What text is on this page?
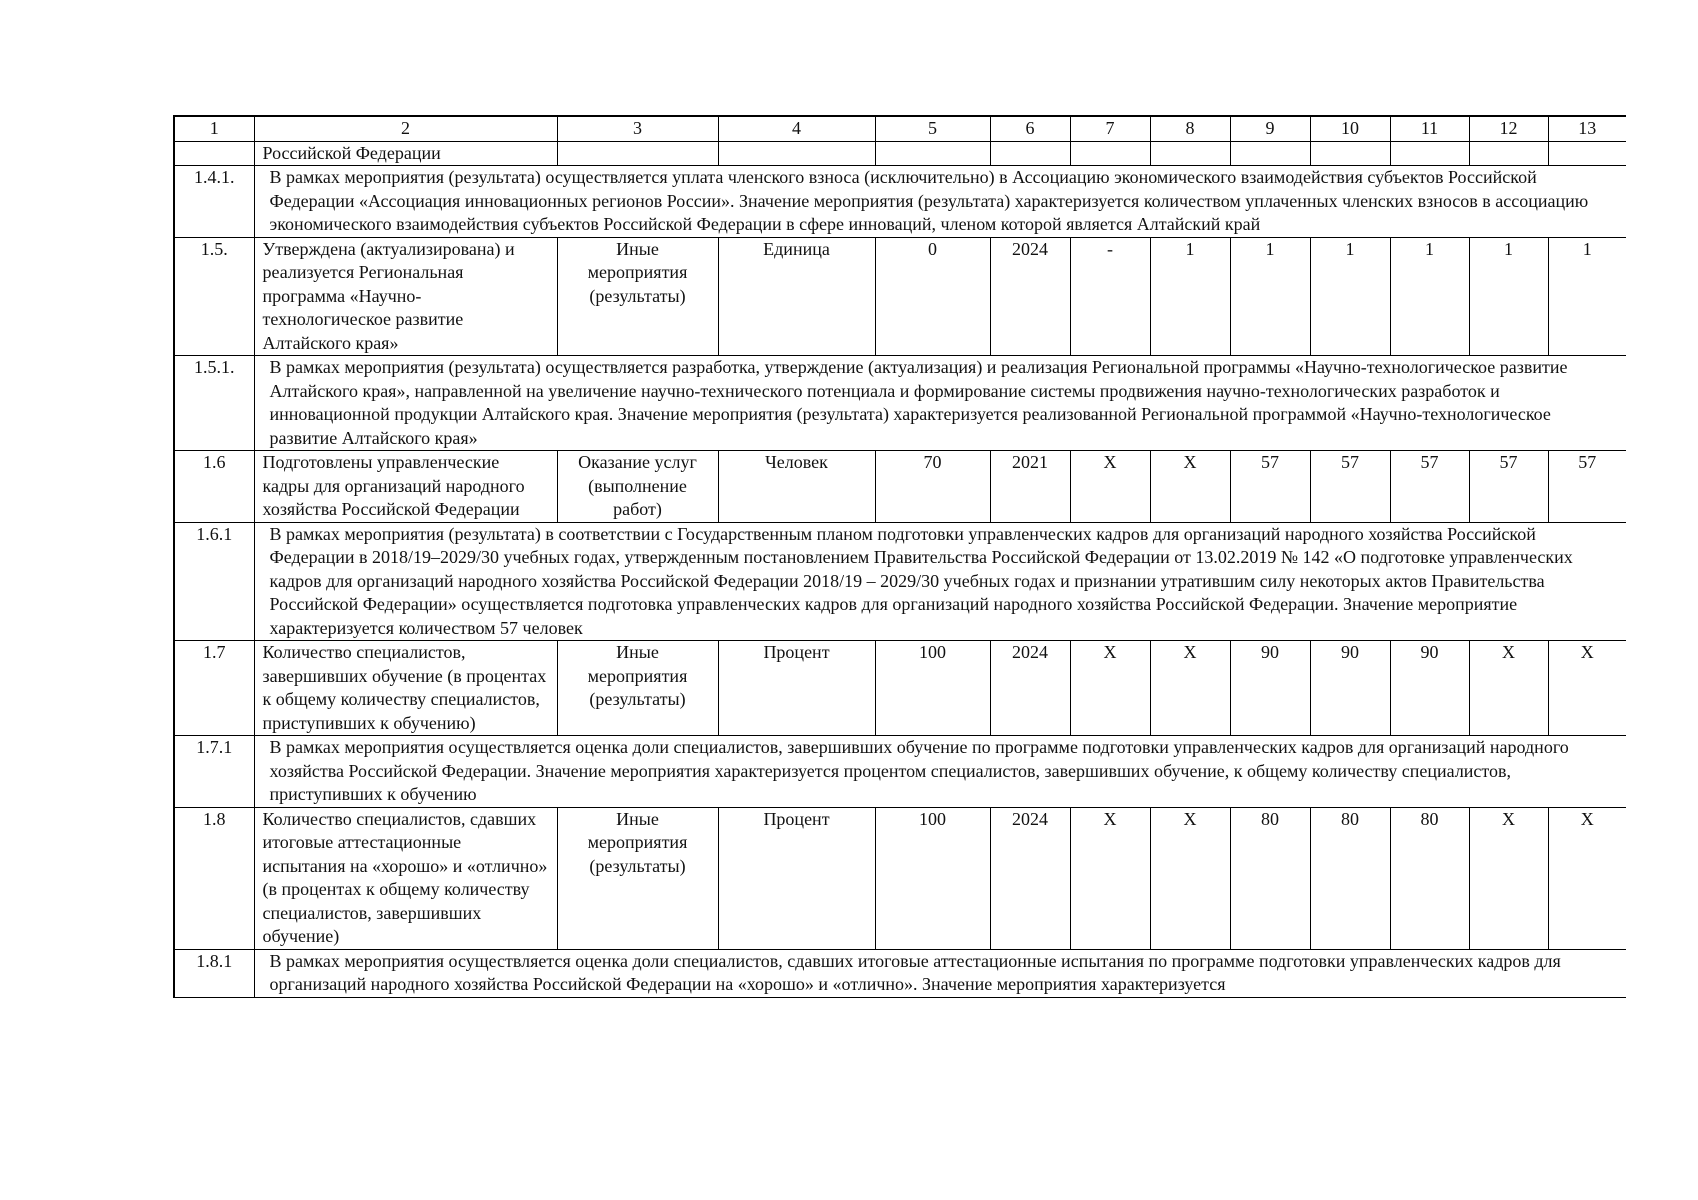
1	2	3	4	5	6	7	8	9	10	11	12	13
	Российской Федерации											
1.4.1.	В рамках мероприятия (результата) осуществляется уплата членского взноса (исключительно) в Ассоциацию экономического взаимодействия субъектов Российской Федерации «Ассоциация инновационных регионов России». Значение мероприятия (результата) характеризуется количеством уплаченных членских взносов в ассоциацию экономического взаимодействия субъектов Российской Федерации в сфере инноваций, членом которой является Алтайский край											
1.5.	Утверждена (актуализирована) и реализуется Региональная программа «Научно-технологическое развитие Алтайского края»	Иные мероприятия (результаты)	Единица	0	2024	-	1	1	1	1	1	1
1.5.1.	В рамках мероприятия (результата) осуществляется разработка, утверждение (актуализация) и реализация Региональной программы «Научно-технологическое развитие Алтайского края», направленной на увеличение научно-технического потенциала и формирование системы продвижения научно-технологических разработок и инновационной продукции Алтайского края. Значение мероприятия (результата) характеризуется реализованной Региональной программой «Научно-технологическое развитие Алтайского края»											
1.6	Подготовлены управленческие кадры для организаций народного хозяйства Российской Федерации	Оказание услуг (выполнение работ)	Человек	70	2021	Х	Х	57	57	57	57	57
1.6.1	В рамках мероприятия (результата) в соответствии с Государственным планом подготовки управленческих кадров для организаций народного хозяйства Российской Федерации в 2018/19–2029/30 учебных годах, утвержденным постановлением Правительства Российской Федерации от 13.02.2019 № 142 «О подготовке управленческих кадров для организаций народного хозяйства Российской Федерации 2018/19 – 2029/30 учебных годах и признании утратившим силу некоторых актов Правительства Российской Федерации» осуществляется подготовка управленческих кадров для организаций народного хозяйства Российской Федерации. Значение мероприятие характеризуется количеством 57 человек											
1.7	Количество специалистов, завершивших обучение (в процентах к общему количеству специалистов, приступивших к обучению)	Иные мероприятия (результаты)	Процент	100	2024	Х	Х	90	90	90	Х	Х
1.7.1	В рамках мероприятия осуществляется оценка доли специалистов, завершивших обучение по программе подготовки управленческих кадров для организаций народного хозяйства Российской Федерации. Значение мероприятия характеризуется процентом специалистов, завершивших обучение, к общему количеству специалистов, приступивших к обучению											
1.8	Количество специалистов, сдавших итоговые аттестационные испытания на «хорошо» и «отлично» (в процентах к общему количеству специалистов, завершивших обучение)	Иные мероприятия (результаты)	Процент	100	2024	Х	Х	80	80	80	Х	Х
1.8.1	В рамках мероприятия осуществляется оценка доли специалистов, сдавших итоговые аттестационные испытания по программе подготовки управленческих кадров для организаций народного хозяйства Российской Федерации на «хорошо» и «отлично». Значение мероприятия характеризуется											
